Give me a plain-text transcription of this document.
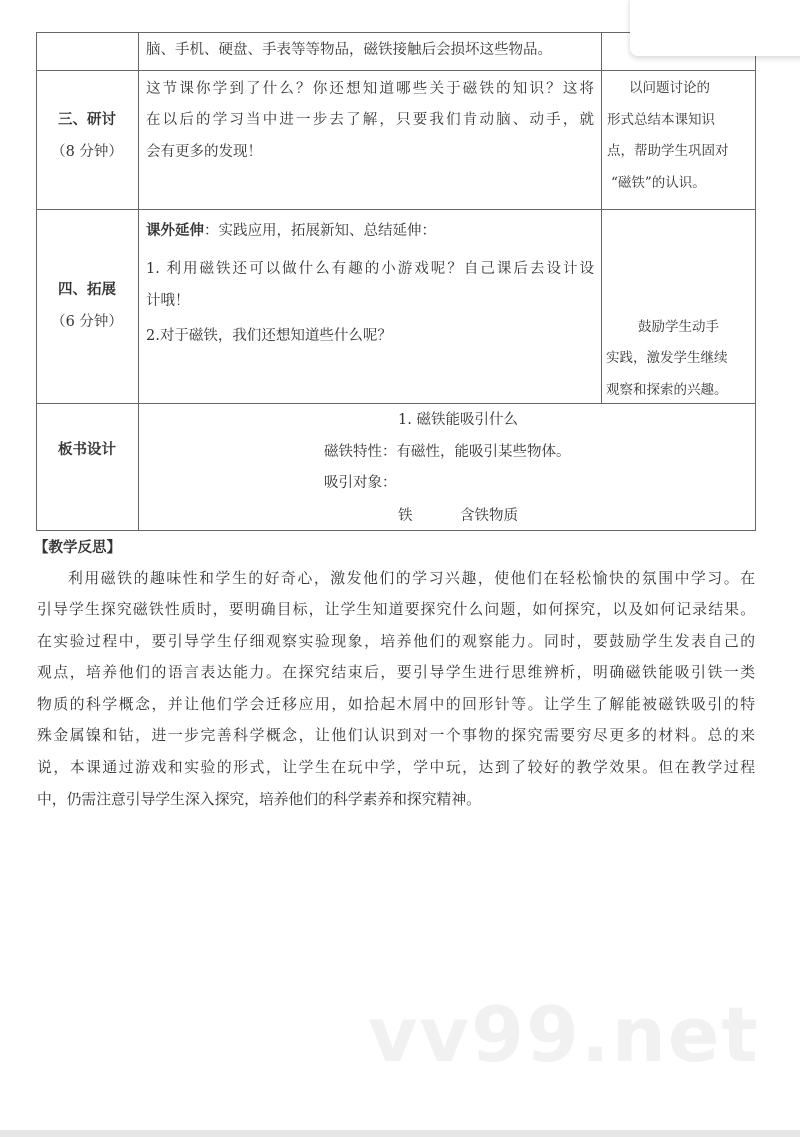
脑、手机、硬盘、手表等等物品，磁铁接触后会损坏这些物品。
三、研讨
（8 分钟）
这节课你学到了什么？你还想知道哪些关于磁铁的知识？这将
在以后的学习当中进一步去了解，只要我们肯动脑、动手，就
会有更多的发现！
以问题讨论的
形式总结本课知识
点，帮助学生巩固对
“磁铁”的认识。
四、拓展
（6 分钟）
课外延伸：实践应用，拓展新知、总结延伸：
1. 利用磁铁还可以做什么有趣的小游戏呢？自己课后去设计设
计哦！
2.对于磁铁，我们还想知道些什么呢？
鼓励学生动手
实践，激发学生继续
观察和探索的兴趣。
板书设计
1. 磁铁能吸引什么
磁铁特性：有磁性，能吸引某些物体。
吸引对象：
铁	含铁物质
【教学反思】
利用磁铁的趣味性和学生的好奇心，激发他们的学习兴趣，使他们在轻松愉快的氛围中学习。在
引导学生探究磁铁性质时，要明确目标，让学生知道要探究什么问题，如何探究，以及如何记录结果。
在实验过程中，要引导学生仔细观察实验现象，培养他们的观察能力。同时，要鼓励学生发表自己的
观点，培养他们的语言表达能力。在探究结束后，要引导学生进行思维辨析，明确磁铁能吸引铁一类
物质的科学概念，并让他们学会迁移应用，如拾起木屑中的回形针等。让学生了解能被磁铁吸引的特
殊金属镍和钴，进一步完善科学概念，让他们认识到对一个事物的探究需要穷尽更多的材料。总的来
说，本课通过游戏和实验的形式，让学生在玩中学，学中玩，达到了较好的教学效果。但在教学过程
中，仍需注意引导学生深入探究，培养他们的科学素养和探究精神。
vv99.net
